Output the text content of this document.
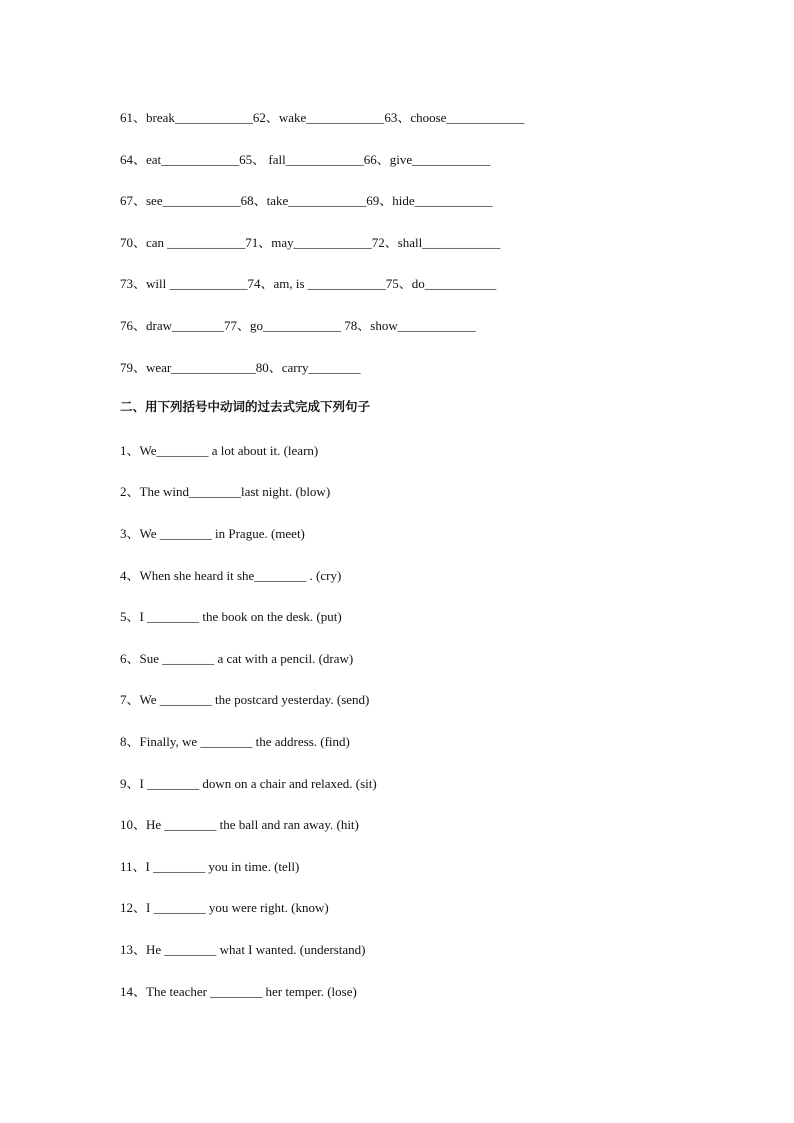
61、break____________62、wake____________63、choose____________
64、eat____________65、 fall____________66、give____________
67、see____________68、take____________69、hide____________
70、can ____________71、may____________72、shall____________
73、will ____________74、am, is ____________75、do___________
76、draw________77、go____________ 78、show____________
79、wear_____________80、carry________
二、用下列括号中动词的过去式完成下列句子
1、We________ a lot about it. (learn)
2、The wind________last night. (blow)
3、We ________ in Prague. (meet)
4、When she heard it she________ . (cry)
5、I ________ the book on the desk. (put)
6、Sue ________ a cat with a pencil. (draw)
7、We ________ the postcard yesterday. (send)
8、Finally, we ________ the address. (find)
9、I ________ down on a chair and relaxed. (sit)
10、He ________ the ball and ran away. (hit)
11、I ________ you in time. (tell)
12、I ________ you were right. (know)
13、He ________ what I wanted. (understand)
14、The teacher ________ her temper. (lose)
